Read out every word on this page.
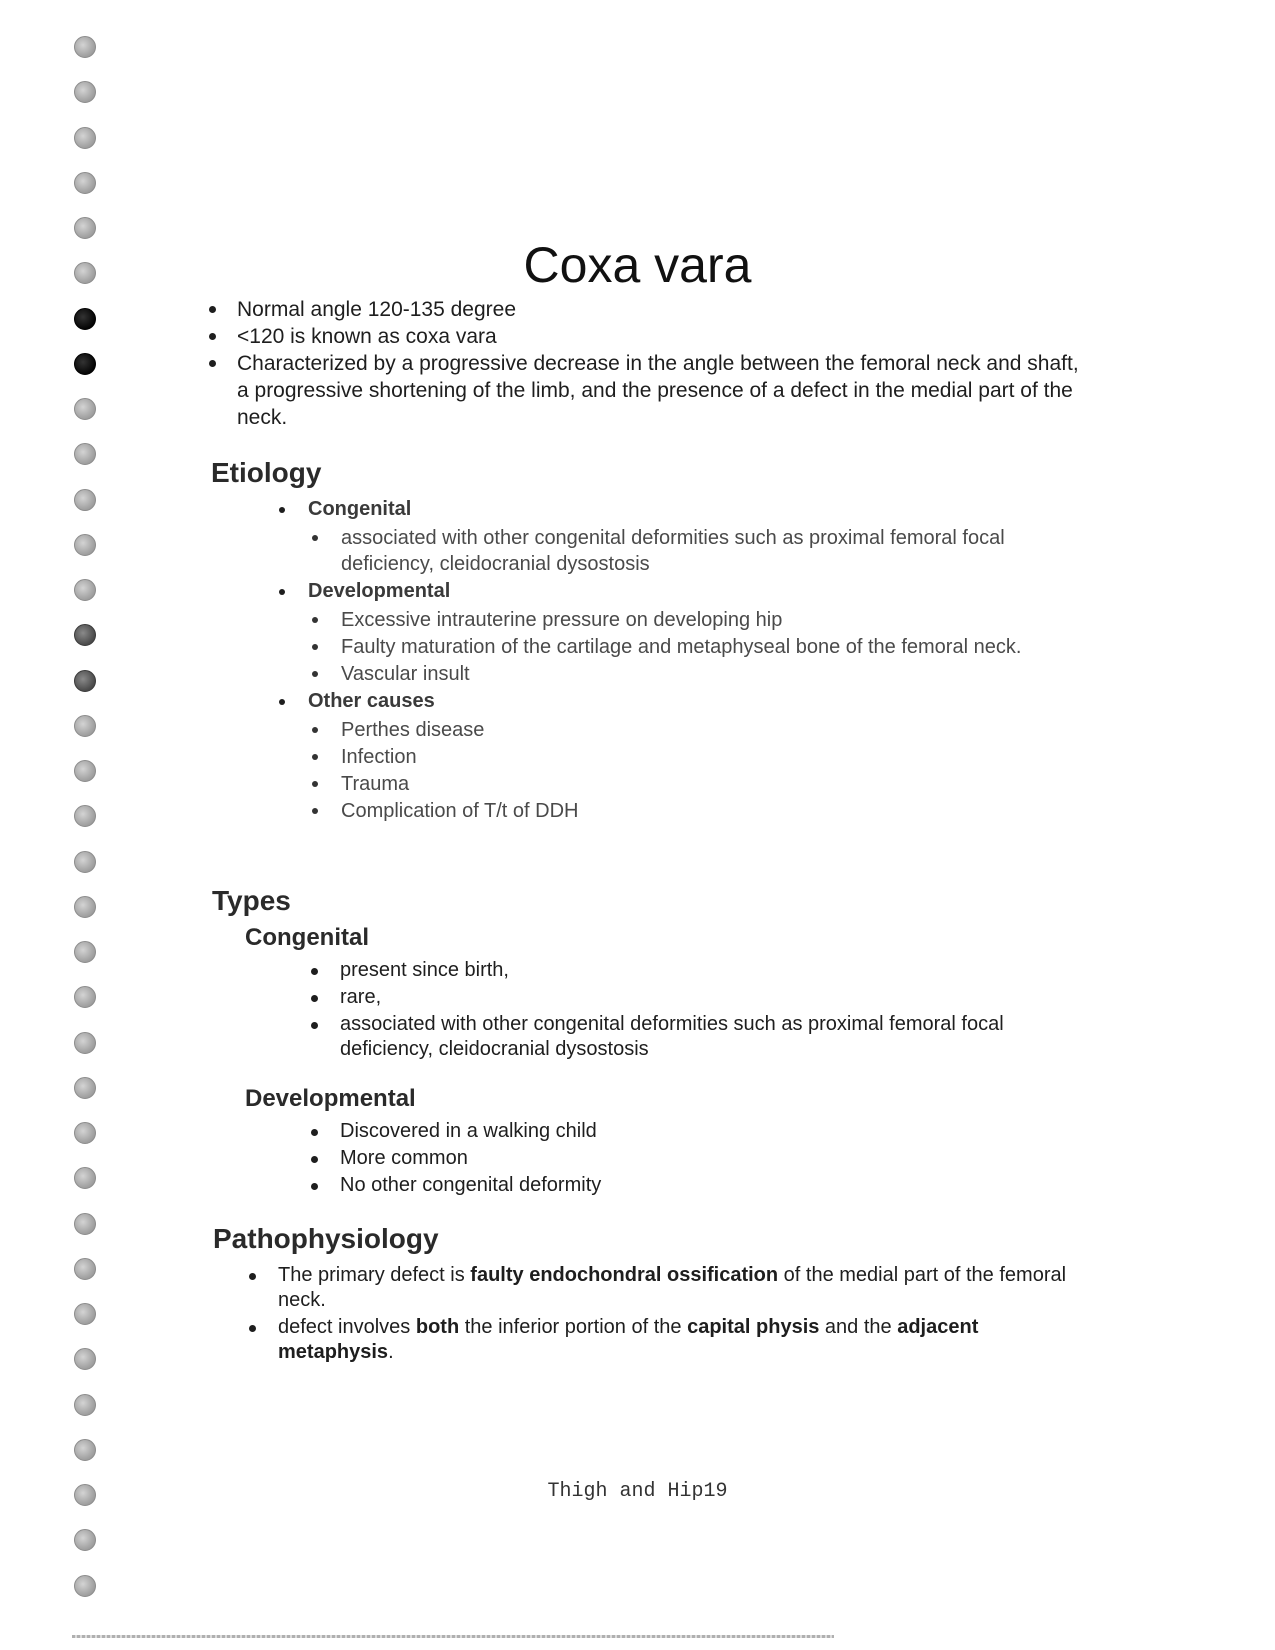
Coxa vara
Normal angle 120-135 degree
<120 is known as coxa vara
Characterized by a progressive decrease in the angle between the femoral neck and shaft, a progressive shortening of the limb, and the presence of a defect in the medial part of the neck.
Etiology
Congenital
associated with other congenital deformities such as proximal femoral focal deficiency, cleidocranial dysostosis
Developmental
Excessive intrauterine pressure on developing hip
Faulty maturation of the cartilage and metaphyseal bone of the femoral neck.
Vascular insult
Other causes
Perthes disease
Infection
Trauma
Complication of T/t of DDH
Types
Congenital
present since birth,
rare,
associated with other congenital deformities such as proximal femoral focal deficiency, cleidocranial dysostosis
Developmental
Discovered in a walking child
More common
No other congenital deformity
Pathophysiology
The primary defect is faulty endochondral ossification of the medial part of the femoral neck.
defect involves both the inferior portion of the capital physis and the adjacent metaphysis.
Thigh and Hip19
